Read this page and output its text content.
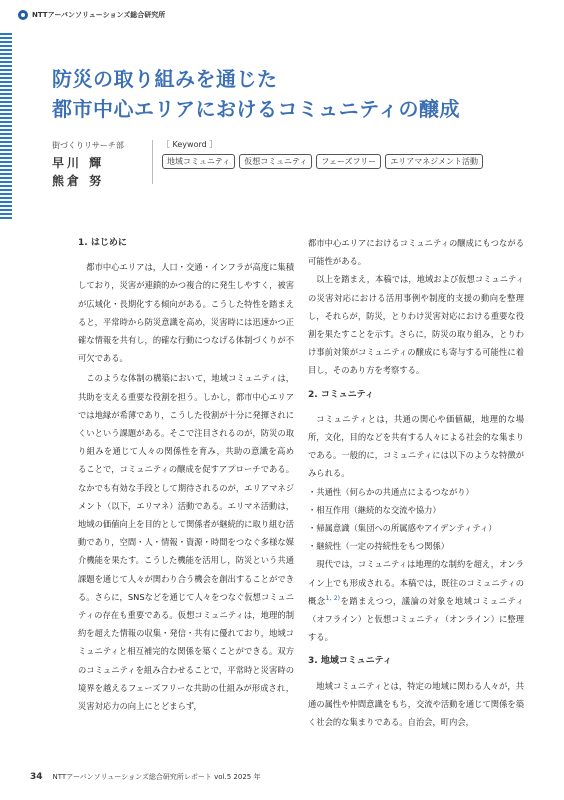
NTTアーバンソリューションズ総合研究所
防災の取り組みを通じた
都市中心エリアにおけるコミュニティの醸成
街づくりリサーチ部
早川 輝
熊倉 努
［ Keyword ］
地域コミュニティ	仮想コミュニティ	フェーズフリー	エリアマネジメント活動
1. はじめに

都市中心エリアは，人口・交通・インフラが高度に集積しており，災害が連鎖的かつ複合的に発生しやすく，被害が広域化・長期化する傾向がある。こうした特性を踏まえると，平常時から防災意識を高め，災害時には迅速かつ正確な情報を共有し，的確な行動につなげる体制づくりが不可欠である。

このような体制の構築において，地域コミュニティは，共助を支える重要な役割を担う。しかし，都市中心エリアでは地縁が希薄であり，こうした役割が十分に発揮されにくいという課題がある。そこで注目されるのが，防災の取り組みを通じて人々の関係性を育み，共助の意識を高めることで，コミュニティの醸成を促すアプローチである。なかでも有効な手段として期待されるのが，エリアマネジメント（以下，エリマネ）活動である。エリマネ活動は，地域の価値向上を目的として関係者が継続的に取り組む活動であり，空間・人・情報・資源・時間をつなぐ多様な媒介機能を果たす。こうした機能を活用し，防災という共通課題を通じて人々が関わり合う機会を創出することができる。さらに，SNSなどを通じて人々をつなぐ仮想コミュニティの存在も重要である。仮想コミュニティは，地理的制約を超えた情報の収集・発信・共有に優れており，地域コミュニティと相互補完的な関係を築くことができる。双方のコミュニティを組み合わせることで，平常時と災害時の境界を越えるフェーズフリーな共助の仕組みが形成され，災害対応力の向上にとどまらず，

都市中心エリアにおけるコミュニティの醸成にもつながる可能性がある。

以上を踏まえ，本稿では，地域および仮想コミュニティの災害対応における活用事例や制度的支援の動向を整理し，それらが，防災，とりわけ災害対応における重要な役割を果たすことを示す。さらに，防災の取り組み，とりわけ事前対策がコミュニティの醸成にも寄与する可能性に着目し，そのあり方を考察する。

2. コミュニティ

コミュニティとは，共通の関心や価値観，地理的な場所，文化，目的などを共有する人々による社会的な集まりである。一般的に，コミュニティには以下のような特徴がみられる。

・共通性（何らかの共通点によるつながり）
・相互作用（継続的な交流や協力）
・帰属意識（集団への所属感やアイデンティティ）
・継続性（一定の持続性をもつ関係）

現代では，コミュニティは地理的な制約を超え，オンライン上でも形成される。本稿では，既往のコミュニティの概念$^{1, 2)}$を踏まえつつ，議論の対象を地域コミュニティ（オフライン）と仮想コミュニティ（オンライン）に整理する。

3. 地域コミュニティ

地域コミュニティとは，特定の地域に関わる人々が，共通の属性や仲間意識をもち，交流や活動を通じて関係を築く社会的な集まりである。自治会，町内会，

34 NTTアーバンソリューションズ総合研究所レポート vol.5 2025 年
